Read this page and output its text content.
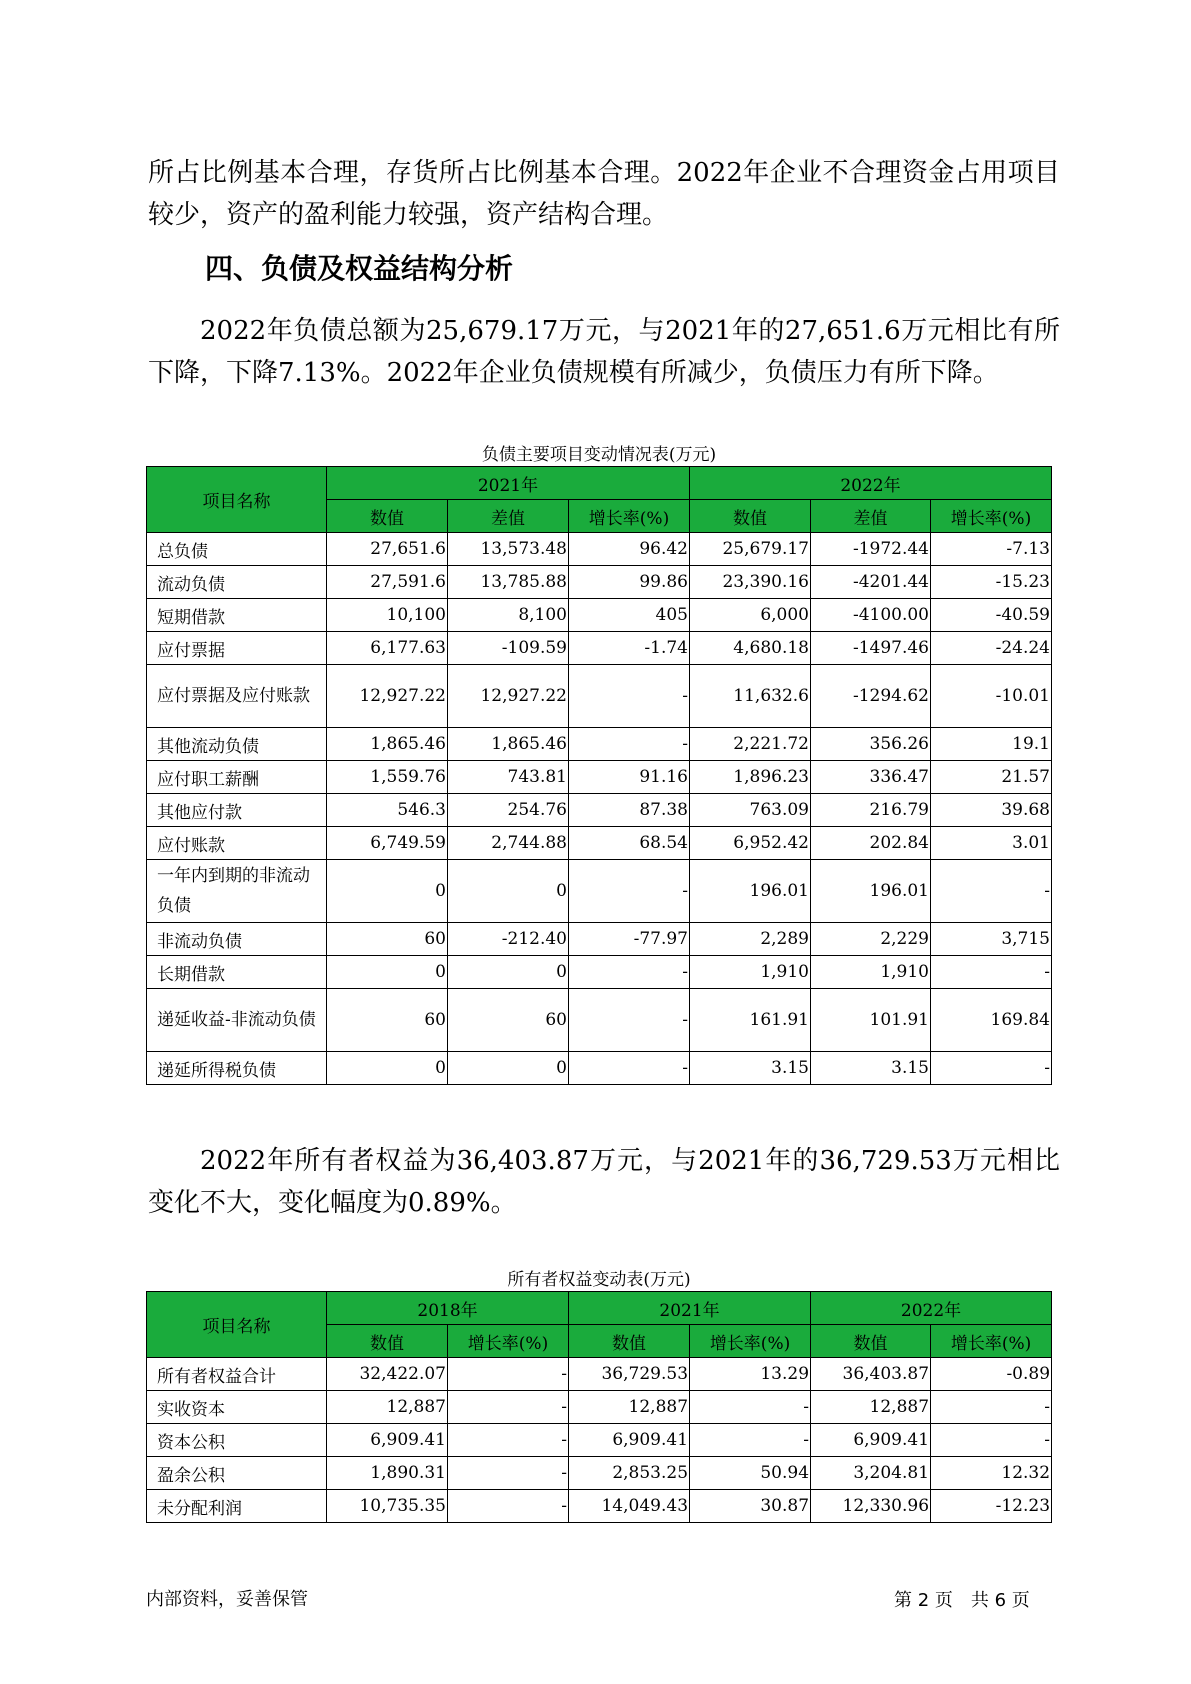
所占比例基本合理，存货所占比例基本合理。2022年企业不合理资金占用项目较少，资产的盈利能力较强，资产结构合理。

四、负债及权益结构分析

2022年负债总额为25,679.17万元，与2021年的27,651.6万元相比有所下降，下降7.13%。2022年企业负债规模有所减少，负债压力有所下降。

负债主要项目变动情况表(万元)
项目名称	2021年			2022年		
	数值	差值	增长率(%)	数值	差值	增长率(%)
总负债	27,651.6	13,573.48	96.42	25,679.17	-1972.44	-7.13
流动负债	27,591.6	13,785.88	99.86	23,390.16	-4201.44	-15.23
短期借款	10,100	8,100	405	6,000	-4100.00	-40.59
应付票据	6,177.63	-109.59	-1.74	4,680.18	-1497.46	-24.24
应付票据及应付账款	12,927.22	12,927.22	-	11,632.6	-1294.62	-10.01
其他流动负债	1,865.46	1,865.46	-	2,221.72	356.26	19.1
应付职工薪酬	1,559.76	743.81	91.16	1,896.23	336.47	21.57
其他应付款	546.3	254.76	87.38	763.09	216.79	39.68
应付账款	6,749.59	2,744.88	68.54	6,952.42	202.84	3.01
一年内到期的非流动负债	0	0	-	196.01	196.01	-
非流动负债	60	-212.40	-77.97	2,289	2,229	3,715
长期借款	0	0	-	1,910	1,910	-
递延收益-非流动负债	60	60	-	161.91	101.91	169.84
递延所得税负债	0	0	-	3.15	3.15	-

2022年所有者权益为36,403.87万元，与2021年的36,729.53万元相比变化不大，变化幅度为0.89%。

所有者权益变动表(万元)
项目名称	2018年		2021年		2022年	
	数值	增长率(%)	数值	增长率(%)	数值	增长率(%)
所有者权益合计	32,422.07	-	36,729.53	13.29	36,403.87	-0.89
实收资本	12,887	-	12,887	-	12,887	-
资本公积	6,909.41	-	6,909.41	-	6,909.41	-
盈余公积	1,890.31	-	2,853.25	50.94	3,204.81	12.32
未分配利润	10,735.35	-	14,049.43	30.87	12,330.96	-12.23
内部资料，妥善保管	第 2 页　共 6 页
